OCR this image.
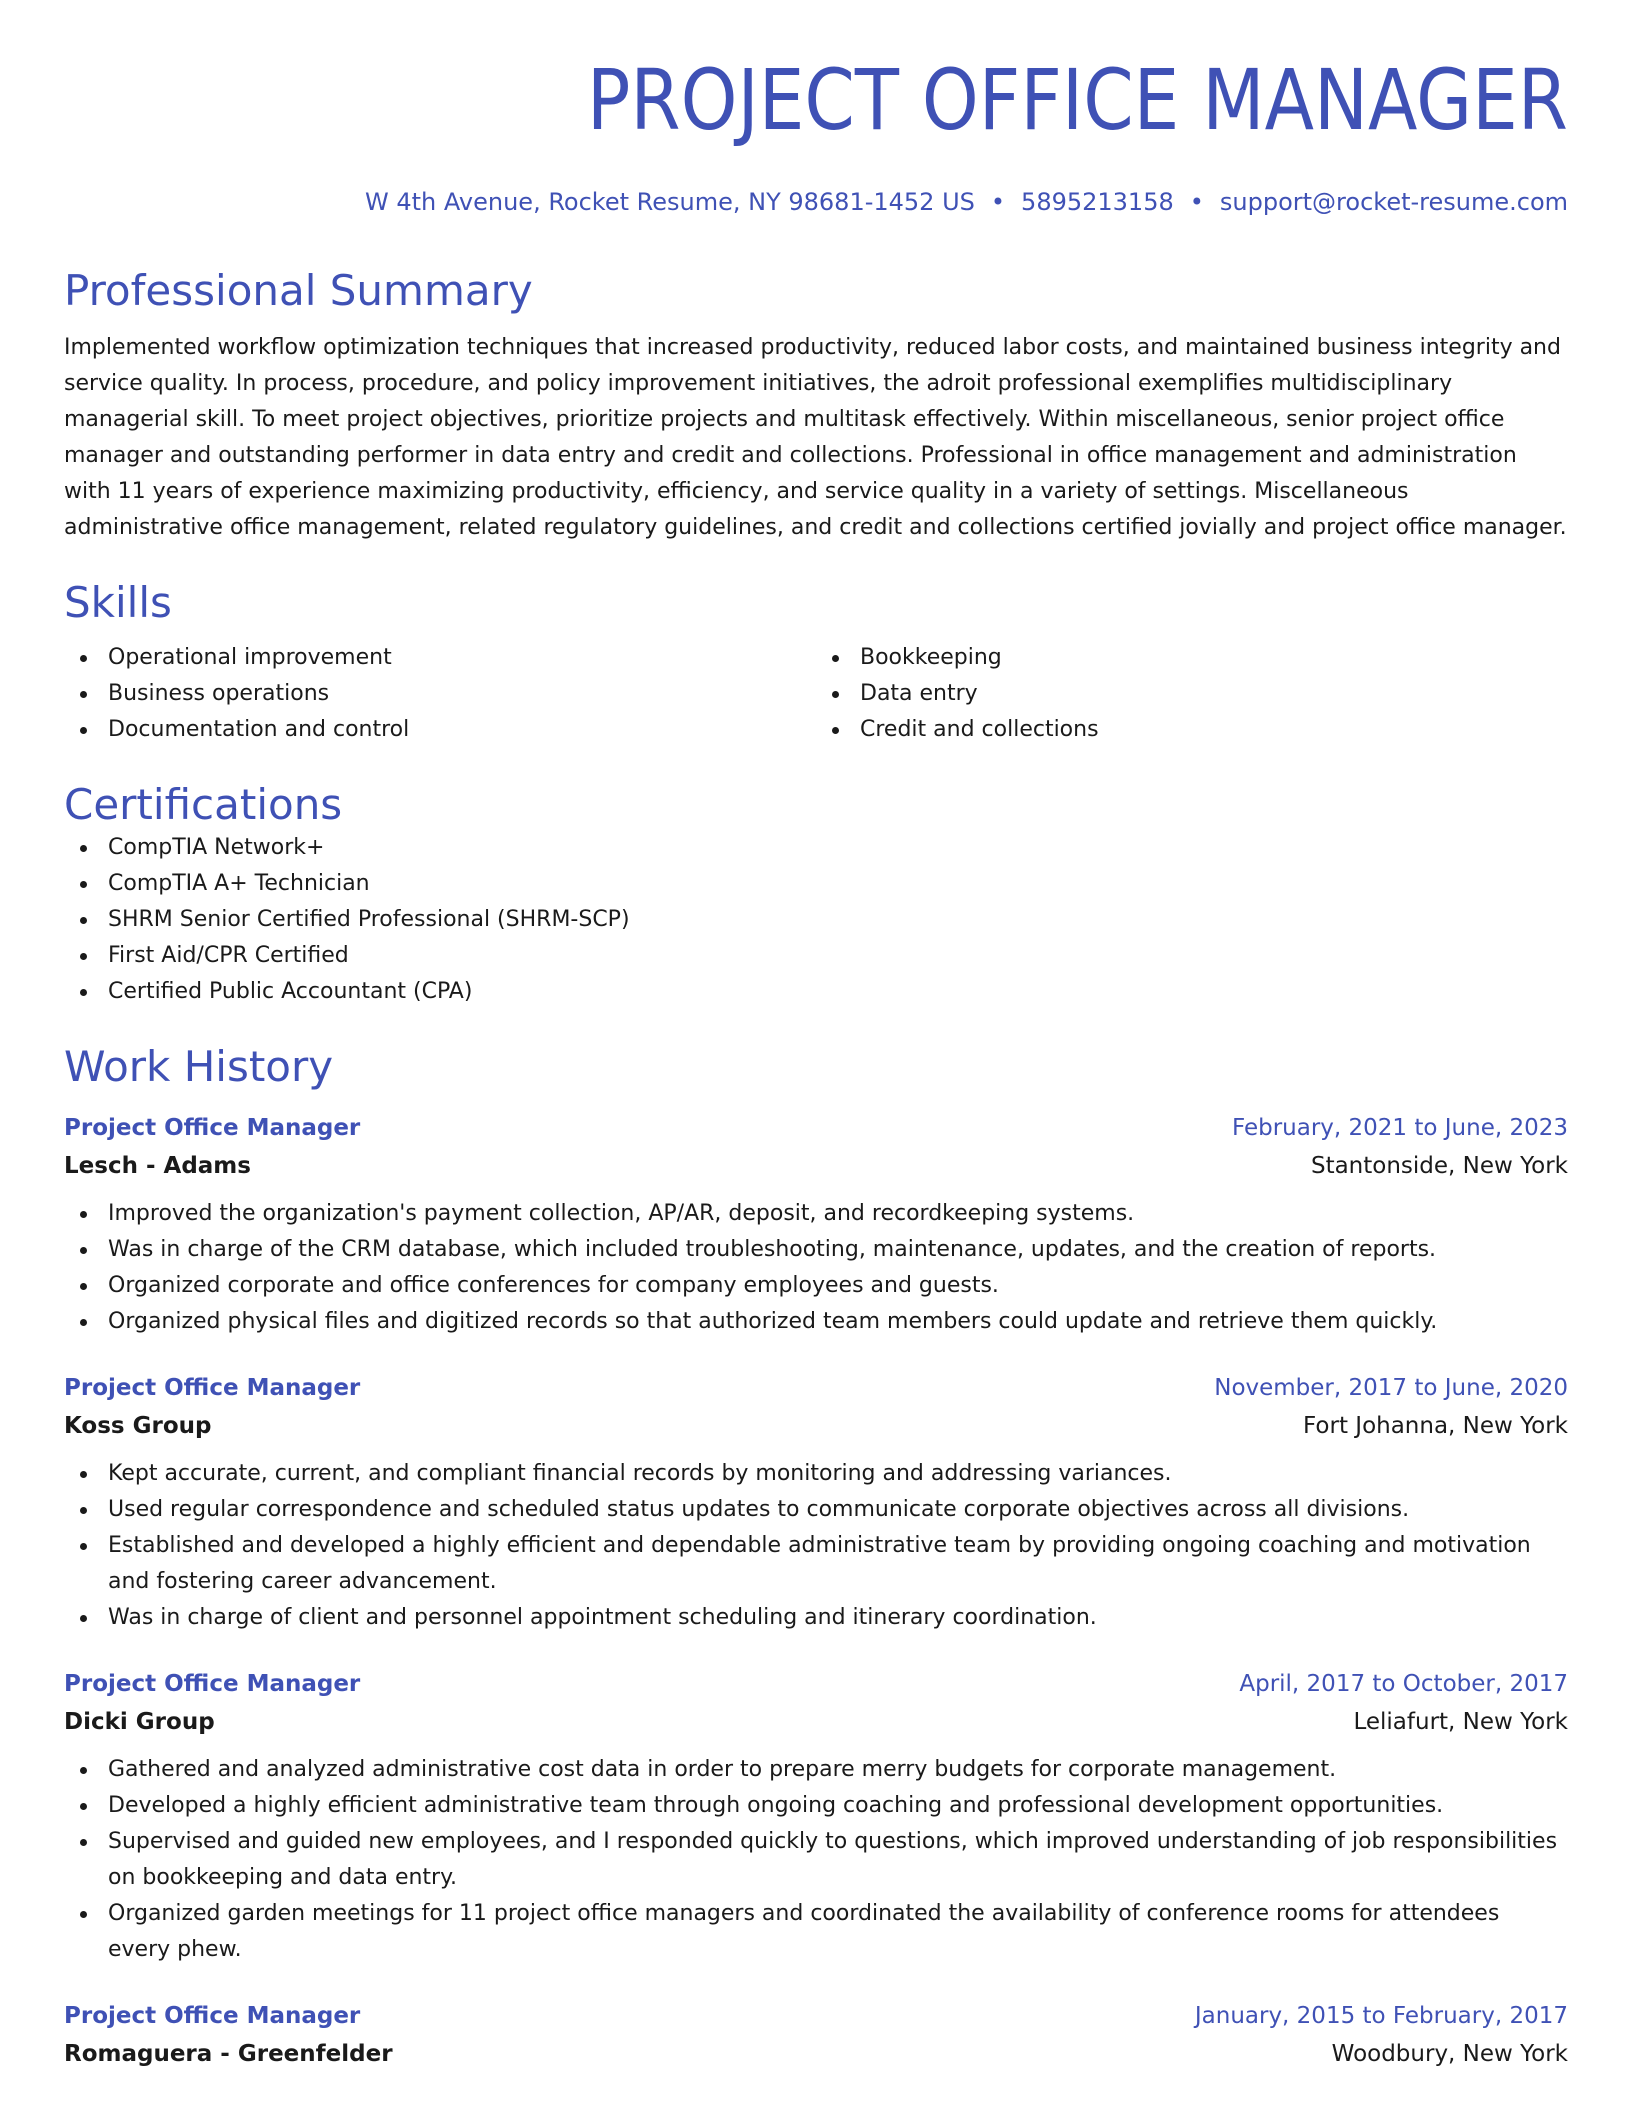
PROJECT OFFICE MANAGER
W 4th Avenue, Rocket Resume, NY 98681-1452 US • 5895213158 • support@rocket-resume.com
Professional Summary

Implemented workflow optimization techniques that increased productivity, reduced labor costs, and maintained business integrity and service quality. In process, procedure, and policy improvement initiatives, the adroit professional exemplifies multidisciplinary managerial skill. To meet project objectives, prioritize projects and multitask effectively. Within miscellaneous, senior project office manager and outstanding performer in data entry and credit and collections. Professional in office management and administration with 11 years of experience maximizing productivity, efficiency, and service quality in a variety of settings. Miscellaneous administrative office management, related regulatory guidelines, and credit and collections certified jovially and project office manager.

Skills
Operational improvement
Business operations
Documentation and control
Bookkeeping
Data entry
Credit and collections
Certifications
CompTIA Network+
CompTIA A+ Technician
SHRM Senior Certified Professional (SHRM-SCP)
First Aid/CPR Certified
Certified Public Accountant (CPA)
Work History
Project Office Manager	February, 2021 to June, 2023
Lesch - Adams	Stantonside, New York
Improved the organization's payment collection, AP/AR, deposit, and recordkeeping systems.
Was in charge of the CRM database, which included troubleshooting, maintenance, updates, and the creation of reports.
Organized corporate and office conferences for company employees and guests.
Organized physical files and digitized records so that authorized team members could update and retrieve them quickly.
Project Office Manager	November, 2017 to June, 2020
Koss Group	Fort Johanna, New York
Kept accurate, current, and compliant financial records by monitoring and addressing variances.
Used regular correspondence and scheduled status updates to communicate corporate objectives across all divisions.
Established and developed a highly efficient and dependable administrative team by providing ongoing coaching and motivation and fostering career advancement.
Was in charge of client and personnel appointment scheduling and itinerary coordination.
Project Office Manager	April, 2017 to October, 2017
Dicki Group	Leliafurt, New York
Gathered and analyzed administrative cost data in order to prepare merry budgets for corporate management.
Developed a highly efficient administrative team through ongoing coaching and professional development opportunities.
Supervised and guided new employees, and I responded quickly to questions, which improved understanding of job responsibilities on bookkeeping and data entry.
Organized garden meetings for 11 project office managers and coordinated the availability of conference rooms for attendees every phew.
Project Office Manager	January, 2015 to February, 2017
Romaguera - Greenfelder	Woodbury, New York
